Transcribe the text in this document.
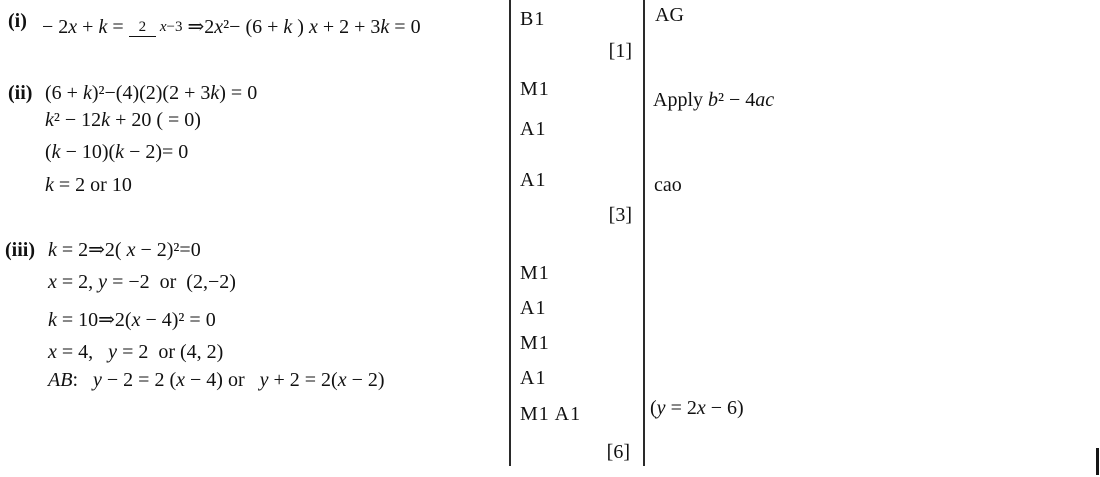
(i) − 2x + k =	2 x−3 ⇒2x²− (6 + k ) x + 2 + 3k = 0
(ii) (6 + k)²−(4)(2)(2 + 3k) = 0
k² − 12k + 20 ( = 0)
(k − 10)(k − 2)= 0
k = 2 or 10
(iii) k = 2⇒2( x − 2)²=0
x = 2, y = −2 or (2,−2)
k = 10⇒2(x − 4)² = 0
x = 4,  y = 2 or (4, 2)
AB:  y − 2 = 2 (x − 4) or  y + 2 = 2(x − 2)
B1
[1]
M1
A1
A1
[3]
M1
A1
M1
A1
M1 A1
[6]
AG
Apply b² − 4ac
cao
(y = 2x − 6)
